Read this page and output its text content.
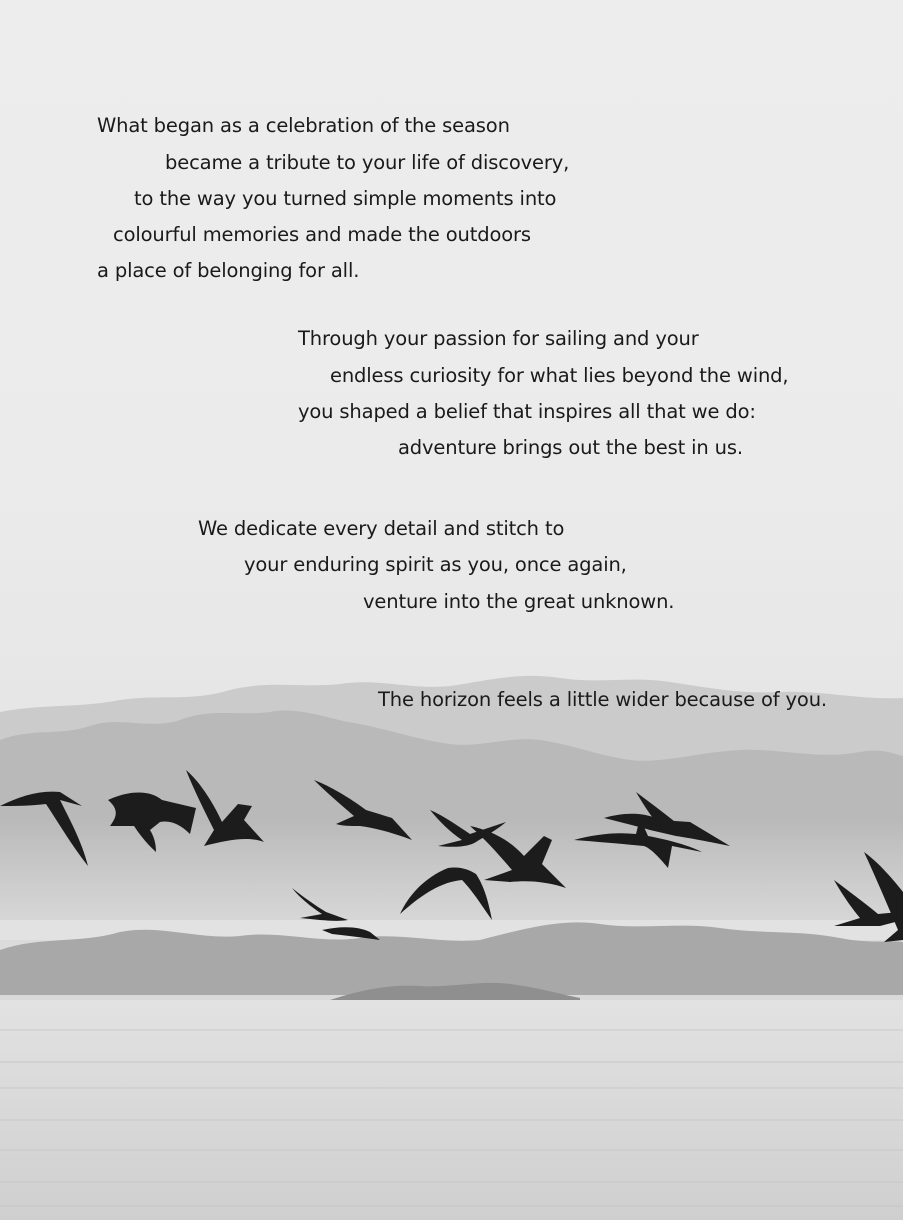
What began as a celebration of the season
became a tribute to your life of discovery,
to the way you turned simple moments into
colourful memories and made the outdoors
a place of belonging for all.
Through your passion for sailing and your
endless curiosity for what lies beyond the wind,
you shaped a belief that inspires all that we do:
adventure brings out the best in us.
We dedicate every detail and stitch to
your enduring spirit as you, once again,
venture into the great unknown.
The horizon feels a little wider because of you.
